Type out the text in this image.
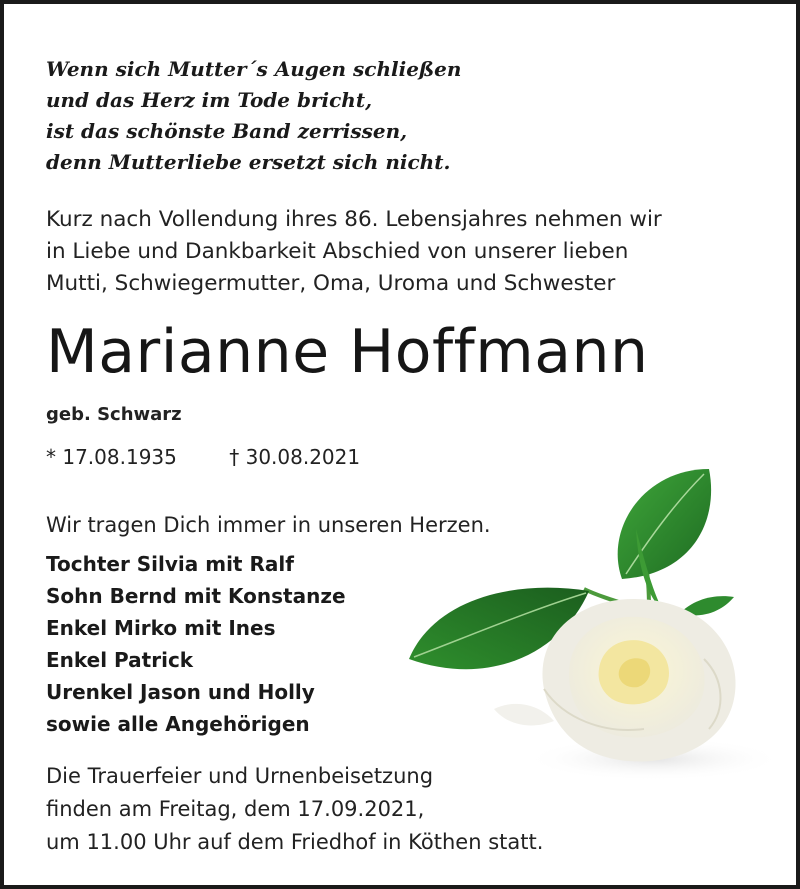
Wenn sich Mutter´s Augen schließen
und das Herz im Tode bricht,
ist das schönste Band zerrissen,
denn Mutterliebe ersetzt sich nicht.
Kurz nach Vollendung ihres 86. Lebensjahres nehmen wir
in Liebe und Dankbarkeit Abschied von unserer lieben
Mutti, Schwiegermutter, Oma, Uroma und Schwester
Marianne Hoffmann
geb. Schwarz
* 17.08.1935	† 30.08.2021
Wir tragen Dich immer in unseren Herzen.
Tochter Silvia mit Ralf
Sohn Bernd mit Konstanze
Enkel Mirko mit Ines
Enkel Patrick
Urenkel Jason und Holly
sowie alle Angehörigen
Die Trauerfeier und Urnenbeisetzung
finden am Freitag, dem 17.09.2021,
um 11.00 Uhr auf dem Friedhof in Köthen statt.
